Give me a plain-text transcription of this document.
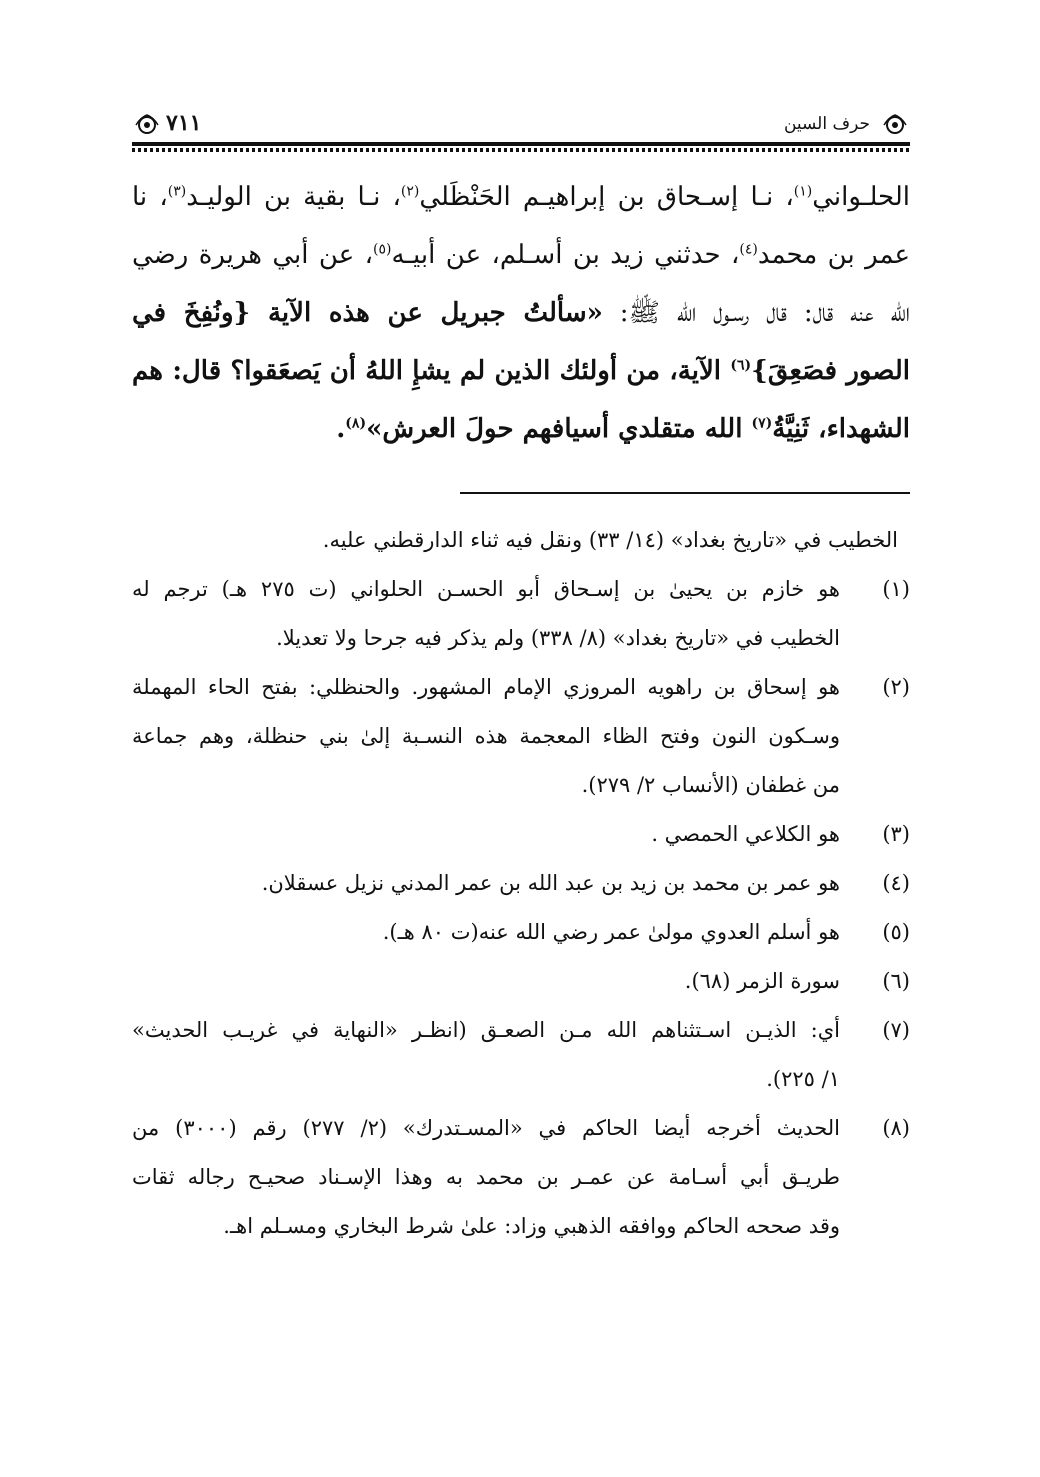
حرف السين
٧١١
الحلـواني$^{(١)}$، نـا إسـحاق بن إبراهيـم الحَنْظَلي$^{(٢)}$، نـا بقية بن الوليـد$^{(٣)}$، نا
عمر بن محمد$^{(٤)}$، حدثني زيد بن أسـلم، عن أبيـه$^{(٥)}$، عن أبي هريرة رضي
الله عنه قال: قال رسـول الله ﷺ: «سألتُ جبريل عن هذه الآية {ونُفِخَ في
الصور فصَعِقَ}$^{(٦)}$ الآية، من أولئك الذين لم يشإِ اللهُ أن يَصعَقوا؟ قال: هم
الشهداء، ثَنِيَّةُ$^{(٧)}$ الله متقلدي أسيافهم حولَ العرش»$^{(٨)}$.
الخطيب في «تاريخ بغداد» (١٤/ ٣٣) ونقل فيه ثناء الدارقطني عليه.
(١)
هو خازم بن يحيىٰ بن إسـحاق أبو الحسـن الحلواني (ت ٢٧٥ هـ) ترجم له
الخطيب في «تاريخ بغداد» (٨/ ٣٣٨) ولم يذكر فيه جرحا ولا تعديلا.
(٢)
هو إسحاق بن راهويه المروزي الإمام المشهور. والحنظلي: بفتح الحاء المهملة
وسـكون النون وفتح الظاء المعجمة هذه النسـبة إلىٰ بني حنظلة، وهم جماعة
من غطفان (الأنساب ٢/ ٢٧٩).
(٣)
هو الكلاعي الحمصي .
(٤)
هو عمر بن محمد بن زيد بن عبد الله بن عمر المدني نزيل عسقلان.
(٥)
هو أسلم العدوي مولىٰ عمر رضي الله عنه(ت ٨٠ هـ).
(٦)
سورة الزمر (٦٨).
(٧)
أي: الذيـن اسـتثناهم الله مـن الصعـق (انظـر «النهاية في غريـب الحديث»
١/ ٢٢٥).
(٨)
الحديث أخرجه أيضا الحاكم في «المسـتدرك» (٢/ ٢٧٧) رقم (٣٠٠٠) من
طريـق أبي أسـامة عن عمـر بن محمد به وهذا الإسـناد صحيـح رجاله ثقات
وقد صححه الحاكم ووافقه الذهبي وزاد: علىٰ شرط البخاري ومسـلم اهـ.
